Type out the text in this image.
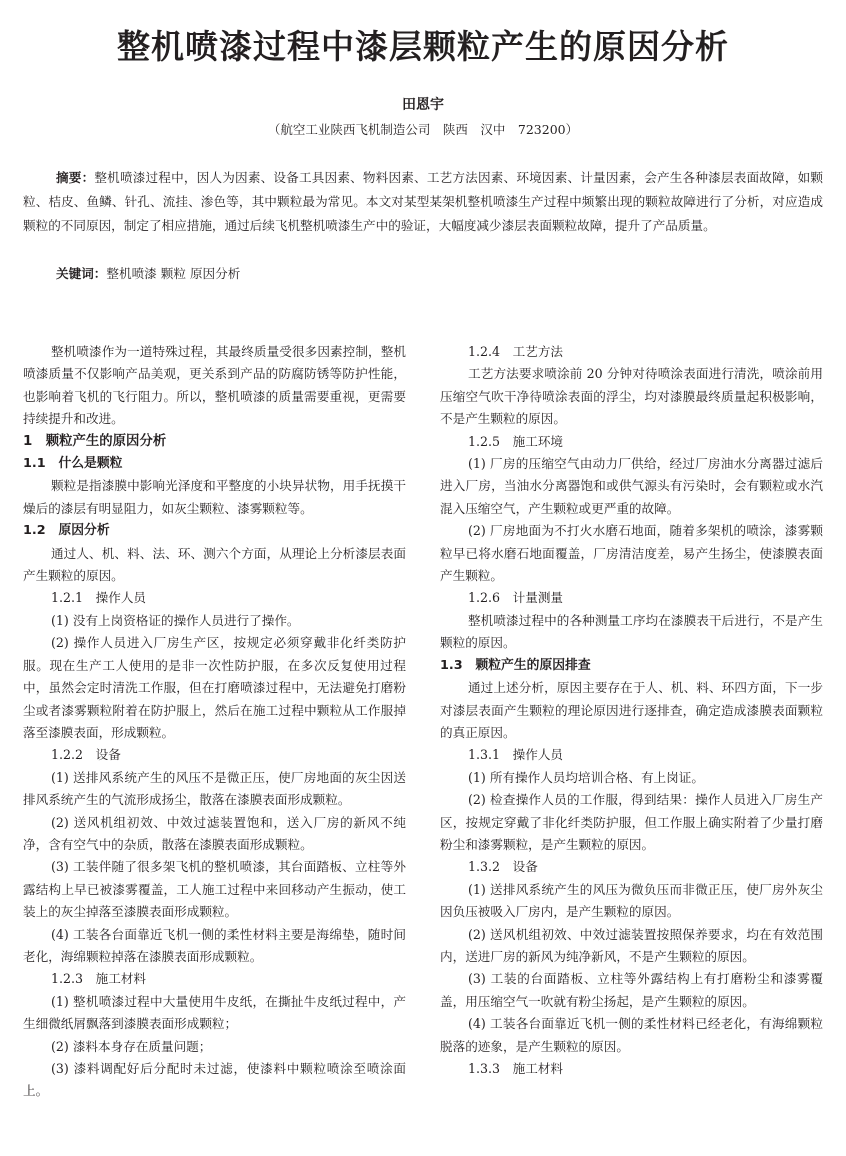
整机喷漆过程中漆层颗粒产生的原因分析
田恩宇
（航空工业陕西飞机制造公司　陕西　汉中　723200）

摘要：整机喷漆过程中，因人为因素、设备工具因素、物料因素、工艺方法因素、环境因素、计量因素，会产生各种漆层表面故障，如颗粒、桔皮、鱼鳞、针孔、流挂、渗色等，其中颗粒最为常见。本文对某型某架机整机喷漆生产过程中频繁出现的颗粒故障进行了分析，对应造成颗粒的不同原因，制定了相应措施，通过后续飞机整机喷漆生产中的验证，大幅度减少漆层表面颗粒故障，提升了产品质量。

关键词：整机喷漆 颗粒 原因分析

整机喷漆作为一道特殊过程，其最终质量受很多因素控制，整机喷漆质量不仅影响产品美观，更关系到产品的防腐防锈等防护性能，也影响着飞机的飞行阻力。所以，整机喷漆的质量需要重视，更需要持续提升和改进。

1　颗粒产生的原因分析

1.1　什么是颗粒

颗粒是指漆膜中影响光泽度和平整度的小块异状物，用手抚摸干燥后的漆层有明显阻力，如灰尘颗粒、漆雾颗粒等。

1.2　原因分析

通过人、机、料、法、环、测六个方面，从理论上分析漆层表面产生颗粒的原因。

1.2.1　操作人员

(1) 没有上岗资格证的操作人员进行了操作。

(2) 操作人员进入厂房生产区，按规定必须穿戴非化纤类防护服。现在生产工人使用的是非一次性防护服，在多次反复使用过程中，虽然会定时清洗工作服，但在打磨喷漆过程中，无法避免打磨粉尘或者漆雾颗粒附着在防护服上，然后在施工过程中颗粒从工作服掉落至漆膜表面，形成颗粒。

1.2.2　设备

(1) 送排风系统产生的风压不是微正压，使厂房地面的灰尘因送排风系统产生的气流形成扬尘，散落在漆膜表面形成颗粒。

(2) 送风机组初效、中效过滤装置饱和，送入厂房的新风不纯净，含有空气中的杂质，散落在漆膜表面形成颗粒。

(3) 工装伴随了很多架飞机的整机喷漆，其台面踏板、立柱等外露结构上早已被漆雾覆盖，工人施工过程中来回移动产生振动，使工装上的灰尘掉落至漆膜表面形成颗粒。

(4) 工装各台面靠近飞机一侧的柔性材料主要是海绵垫，随时间老化，海绵颗粒掉落在漆膜表面形成颗粒。

1.2.3　施工材料

(1) 整机喷漆过程中大量使用牛皮纸，在撕扯牛皮纸过程中，产生细微纸屑飘落到漆膜表面形成颗粒；

(2) 漆料本身存在质量问题；

(3) 漆料调配好后分配时未过滤，使漆料中颗粒喷涂至喷涂面上。

1.2.4　工艺方法

工艺方法要求喷涂前 20 分钟对待喷涂表面进行清洗，喷涂前用压缩空气吹干净待喷涂表面的浮尘，均对漆膜最终质量起积极影响，不是产生颗粒的原因。

1.2.5　施工环境

(1) 厂房的压缩空气由动力厂供给，经过厂房油水分离器过滤后进入厂房，当油水分离器饱和或供气源头有污染时，会有颗粒或水汽混入压缩空气，产生颗粒或更严重的故障。

(2) 厂房地面为不打火水磨石地面，随着多架机的喷涂，漆雾颗粒早已将水磨石地面覆盖，厂房清洁度差，易产生扬尘，使漆膜表面产生颗粒。

1.2.6　计量测量

整机喷漆过程中的各种测量工序均在漆膜表干后进行，不是产生颗粒的原因。

1.3　颗粒产生的原因排查

通过上述分析，原因主要存在于人、机、料、环四方面，下一步对漆层表面产生颗粒的理论原因进行逐排查，确定造成漆膜表面颗粒的真正原因。

1.3.1　操作人员

(1) 所有操作人员均培训合格、有上岗证。

(2) 检查操作人员的工作服，得到结果：操作人员进入厂房生产区，按规定穿戴了非化纤类防护服，但工作服上确实附着了少量打磨粉尘和漆雾颗粒，是产生颗粒的原因。

1.3.2　设备

(1) 送排风系统产生的风压为微负压而非微正压，使厂房外灰尘因负压被吸入厂房内，是产生颗粒的原因。

(2) 送风机组初效、中效过滤装置按照保养要求，均在有效范围内，送进厂房的新风为纯净新风，不是产生颗粒的原因。

(3) 工装的台面踏板、立柱等外露结构上有打磨粉尘和漆雾覆盖，用压缩空气一吹就有粉尘扬起，是产生颗粒的原因。

(4) 工装各台面靠近飞机一侧的柔性材料已经老化，有海绵颗粒脱落的迹象，是产生颗粒的原因。

1.3.3　施工材料
